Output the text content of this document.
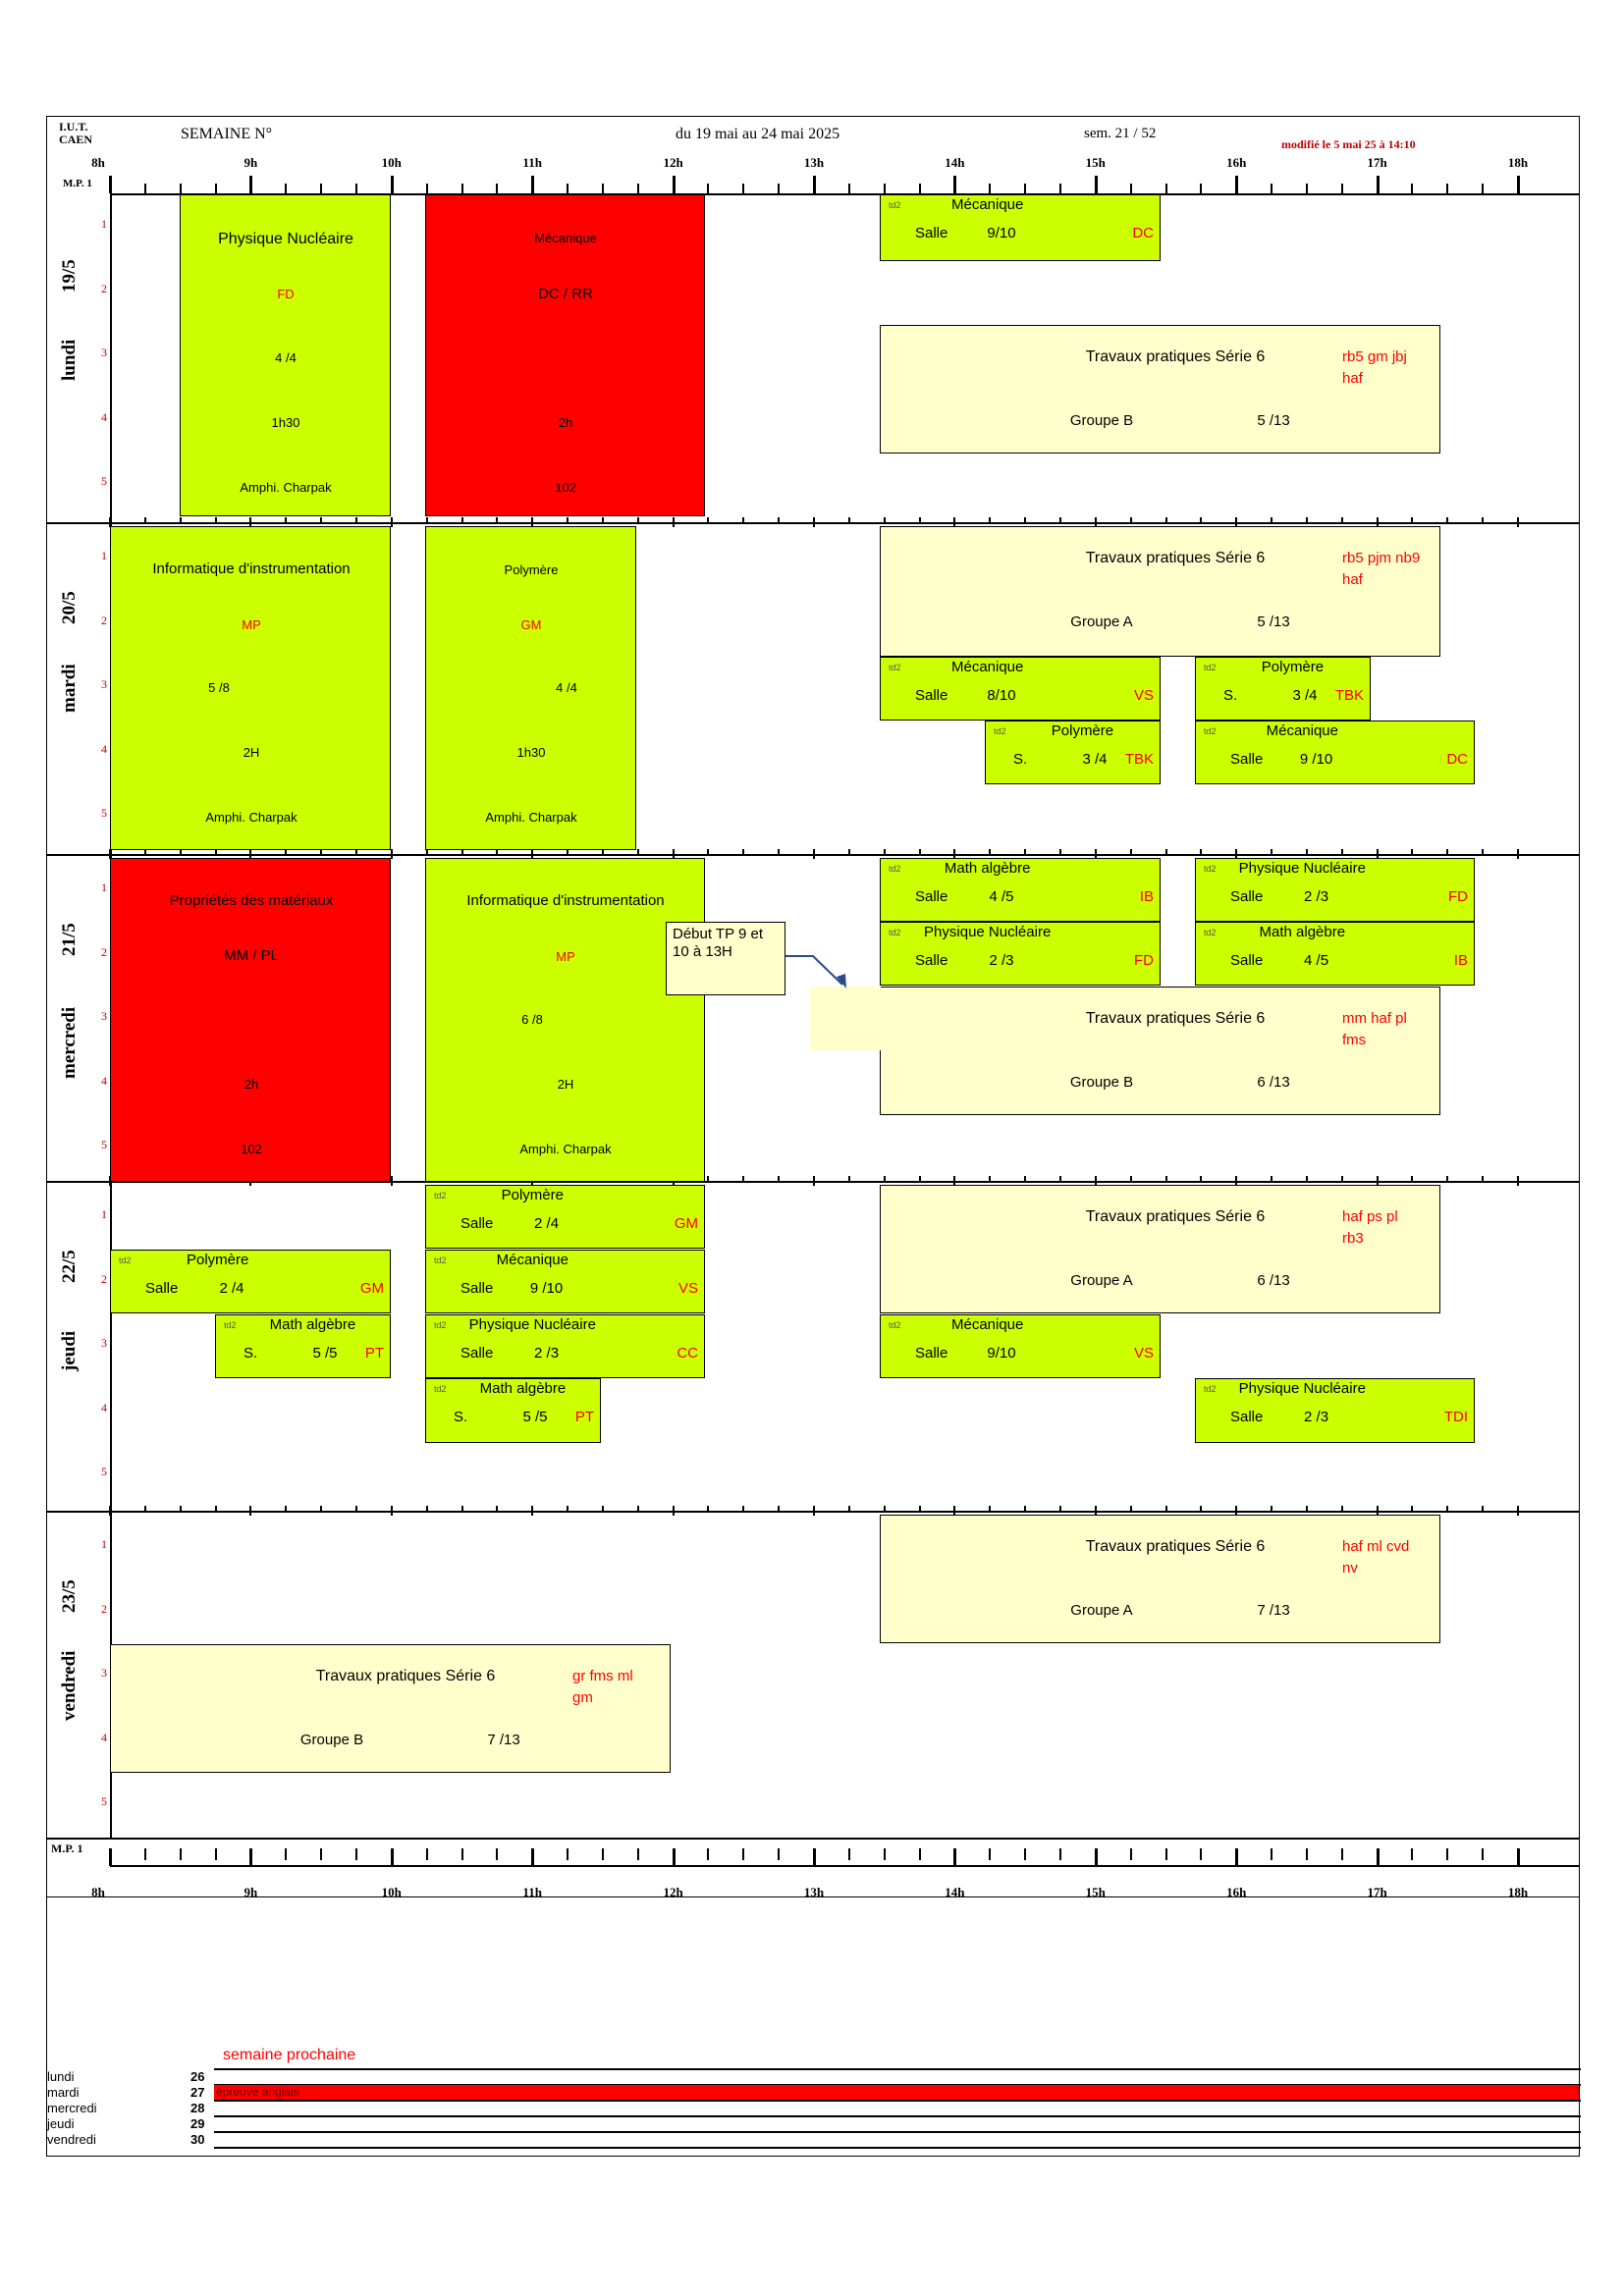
I.U.T.
CAEN	SEMAINE N°	du 19 mai au 24 mai 2025	sem. 21 / 52
modifié le 5 mai 25 à 14:10
M.P. 1
8h	9h	10h	11h	12h	13h	14h	15h	16h	17h	18h
19/5
lundi
1
2
3
4
5
20/5
mardi
1
2
3
4
5
21/5
mercredi
1
2
3
4
5
22/5
jeudi
1
2
3
4
5
23/5
vendredi
1
2
3
4
5
Physique Nucléaire
FD
4 /4
1h30
Amphi. Charpak
Mécanique
DC / RR
2h
102
td2	Mécanique
Salle	9/10	DC
Travaux pratiques Série 6	rb5 gm jbj
haf
Groupe B	5 /13
Informatique d'instrumentation
MP
5 /8
2H
Amphi. Charpak
Polymère
GM
4 /4
1h30
Amphi. Charpak
Travaux pratiques Série 6	rb5 pjm nb9
haf
Groupe A	5 /13
td2	Mécanique
Salle	8/10	VS
td2	Polymère
S.	3 /4 TBK
td2	Polymère
S.	3 /4 TBK
td2	Mécanique
Salle	9 /10	DC
Propriétés des matériaux
MM / PL
2h
102
Informatique d'instrumentation
MP
6 /8
2H
Amphi. Charpak
td2	Math algèbre
Salle	4 /5	IB
td2 Physique Nucléaire
Salle	2 /3	FD
td2 Physique Nucléaire
Salle	2 /3	FD
td2	Math algèbre
Salle	4 /5	IB
Travaux pratiques Série 6	mm haf pl
fms
Groupe B	6 /13
Début TP 9 et
10 à 13H
td2	Polymère
Salle	2 /4	GM
td2	Polymère
Salle	2 /4	GM
td2	Mécanique
Salle	9 /10	VS
td2 Math algèbre
S.	5 /5 PT
td2 Physique Nucléaire
Salle	2 /3	CC
td2 Math algèbre
S.	5 /5 PT
Travaux pratiques Série 6	haf ps pl
rb3
Groupe A	6 /13
td2	Mécanique
Salle	9/10	VS
td2 Physique Nucléaire
Salle	2 /3	TDI
Travaux pratiques Série 6	haf ml cvd
nv
Groupe A	7 /13
Travaux pratiques Série 6	gr fms ml
gm
Groupe B	7 /13
8h	9h	10h	11h	12h	13h	14h	15h	16h	17h	18h
M.P. 1
semaine prochaine
lundi	26
mardi	27 épreuve anglais
mercredi	28
jeudi	29
vendredi	30
